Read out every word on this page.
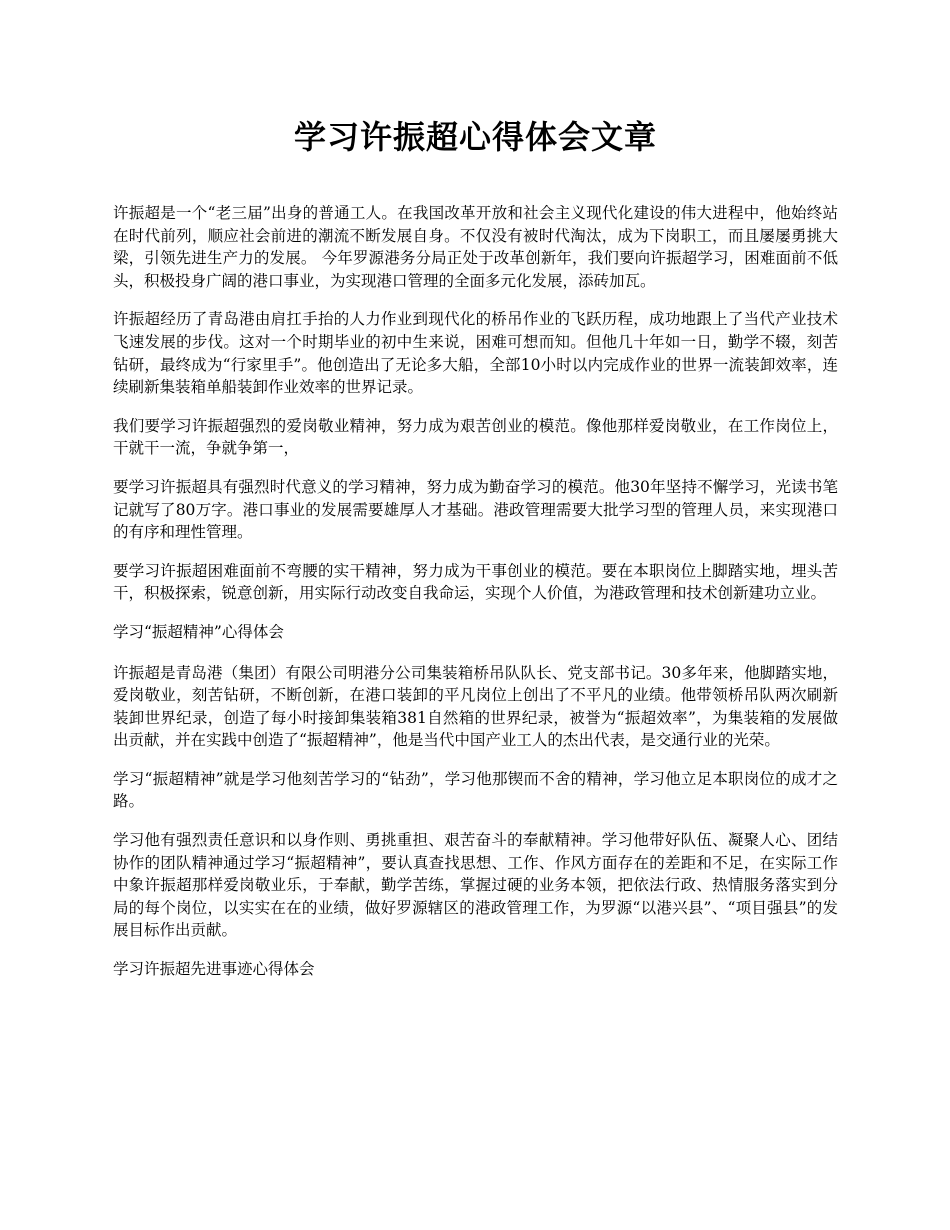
学习许振超心得体会文章

许振超是一个“老三届”出身的普通工人。在我国改革开放和社会主义现代化建设的伟大进程中，他始终站在时代前列，顺应社会前进的潮流不断发展自身。不仅没有被时代淘汰，成为下岗职工，而且屡屡勇挑大梁，引领先进生产力的发展。 今年罗源港务分局正处于改革创新年，我们要向许振超学习，困难面前不低头，积极投身广阔的港口事业，为实现港口管理的全面多元化发展，添砖加瓦。

许振超经历了青岛港由肩扛手抬的人力作业到现代化的桥吊作业的飞跃历程，成功地跟上了当代产业技术飞速发展的步伐。这对一个时期毕业的初中生来说，困难可想而知。但他几十年如一日，勤学不辍，刻苦钻研，最终成为“行家里手”。他创造出了无论多大船，全部10小时以内完成作业的世界一流装卸效率，连续刷新集装箱单船装卸作业效率的世界记录。

我们要学习许振超强烈的爱岗敬业精神，努力成为艰苦创业的模范。像他那样爱岗敬业，在工作岗位上，干就干一流，争就争第一，

要学习许振超具有强烈时代意义的学习精神，努力成为勤奋学习的模范。他30年坚持不懈学习，光读书笔记就写了80万字。港口事业的发展需要雄厚人才基础。港政管理需要大批学习型的管理人员，来实现港口的有序和理性管理。

要学习许振超困难面前不弯腰的实干精神，努力成为干事创业的模范。要在本职岗位上脚踏实地，埋头苦干，积极探索，锐意创新，用实际行动改变自我命运，实现个人价值，为港政管理和技术创新建功立业。

学习“振超精神”心得体会

许振超是青岛港（集团）有限公司明港分公司集装箱桥吊队队长、党支部书记。30多年来，他脚踏实地，爱岗敬业，刻苦钻研，不断创新，在港口装卸的平凡岗位上创出了不平凡的业绩。他带领桥吊队两次刷新装卸世界纪录，创造了每小时接卸集装箱381自然箱的世界纪录，被誉为“振超效率”，为集装箱的发展做出贡献，并在实践中创造了“振超精神”，他是当代中国产业工人的杰出代表，是交通行业的光荣。

学习“振超精神”就是学习他刻苦学习的“钻劲”，学习他那锲而不舍的精神，学习他立足本职岗位的成才之路。

学习他有强烈责任意识和以身作则、勇挑重担、艰苦奋斗的奉献精神。学习他带好队伍、凝聚人心、团结协作的团队精神通过学习“振超精神”，要认真查找思想、工作、作风方面存在的差距和不足，在实际工作中象许振超那样爱岗敬业乐，于奉献，勤学苦练，掌握过硬的业务本领，把依法行政、热情服务落实到分局的每个岗位，以实实在在的业绩，做好罗源辖区的港政管理工作，为罗源“以港兴县”、“项目强县”的发展目标作出贡献。

学习许振超先进事迹心得体会
